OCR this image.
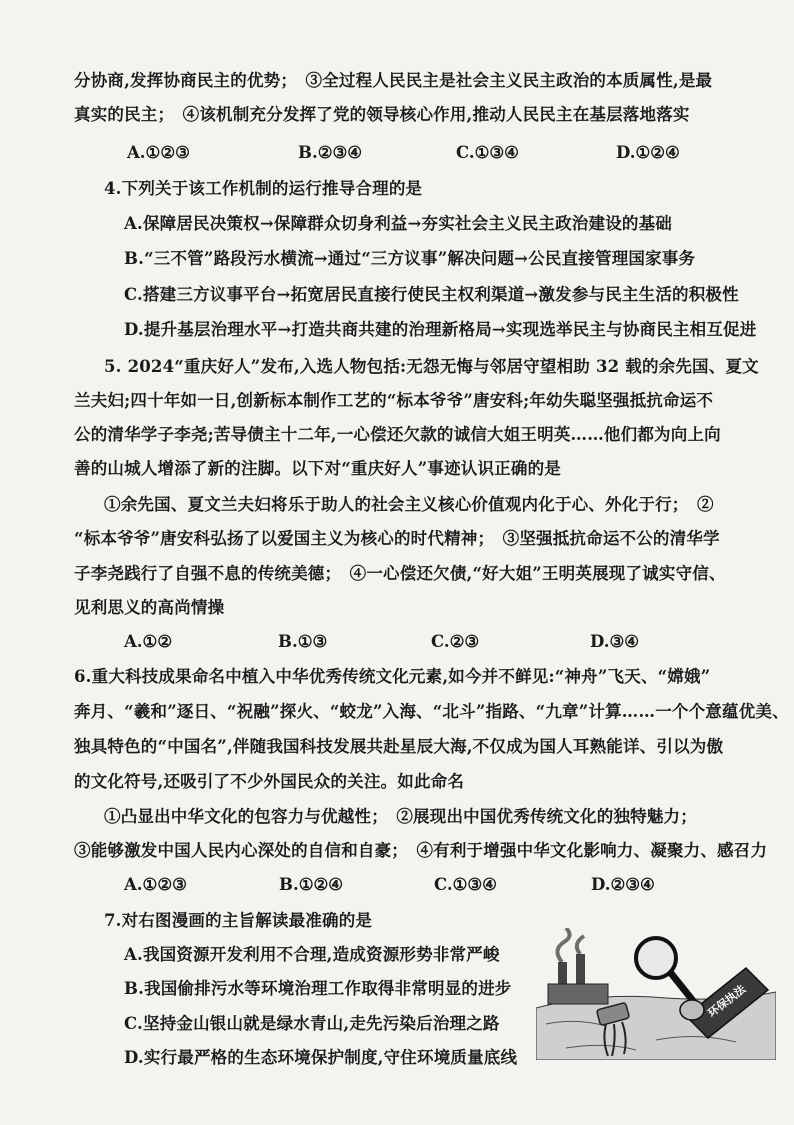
分协商,发挥协商民主的优势；　③全过程人民民主是社会主义民主政治的本质属性,是最
真实的民主；　④该机制充分发挥了党的领导核心作用,推动人民民主在基层落地落实
A.①②③	B.②③④	C.①③④	D.①②④
4.下列关于该工作机制的运行推导合理的是
A.保障居民决策权→保障群众切身利益→夯实社会主义民主政治建设的基础
B.“三不管”路段污水横流→通过“三方议事”解决问题→公民直接管理国家事务
C.搭建三方议事平台→拓宽居民直接行使民主权利渠道→激发参与民主生活的积极性
D.提升基层治理水平→打造共商共建的治理新格局→实现选举民主与协商民主相互促进
5. 2024“重庆好人”发布,入选人物包括:无怨无悔与邻居守望相助 32 载的余先国、夏文
兰夫妇;四十年如一日,创新标本制作工艺的“标本爷爷”唐安科;年幼失聪坚强抵抗命运不
公的清华学子李尧;苦导债主十二年,一心偿还欠款的诚信大姐王明英……他们都为向上向
善的山城人增添了新的注脚。以下对“重庆好人”事迹认识正确的是
①余先国、夏文兰夫妇将乐于助人的社会主义核心价值观内化于心、外化于行；　②
“标本爷爷”唐安科弘扬了以爱国主义为核心的时代精神；　③坚强抵抗命运不公的清华学
子李尧践行了自强不息的传统美德；　④一心偿还欠债,“好大姐”王明英展现了诚实守信、
见利思义的高尚情操
A.①②	B.①③	C.②③	D.③④
6.重大科技成果命名中植入中华优秀传统文化元素,如今并不鲜见:“神舟”飞天、“嫦娥”
奔月、“羲和”逐日、“祝融”探火、“蛟龙”入海、“北斗”指路、“九章”计算……一个个意蕴优美、
独具特色的“中国名”,伴随我国科技发展共赴星辰大海,不仅成为国人耳熟能详、引以为傲
的文化符号,还吸引了不少外国民众的关注。如此命名
①凸显出中华文化的包容力与优越性；　②展现出中国优秀传统文化的独特魅力；
③能够激发中国人民内心深处的自信和自豪；　④有利于增强中华文化影响力、凝聚力、感召力
A.①②③	B.①②④	C.①③④	D.②③④
7.对右图漫画的主旨解读最准确的是
A.我国资源开发利用不合理,造成资源形势非常严峻
B.我国偷排污水等环境治理工作取得非常明显的进步
C.坚持金山银山就是绿水青山,走先污染后治理之路
D.实行最严格的生态环境保护制度,守住环境质量底线
环保执法
